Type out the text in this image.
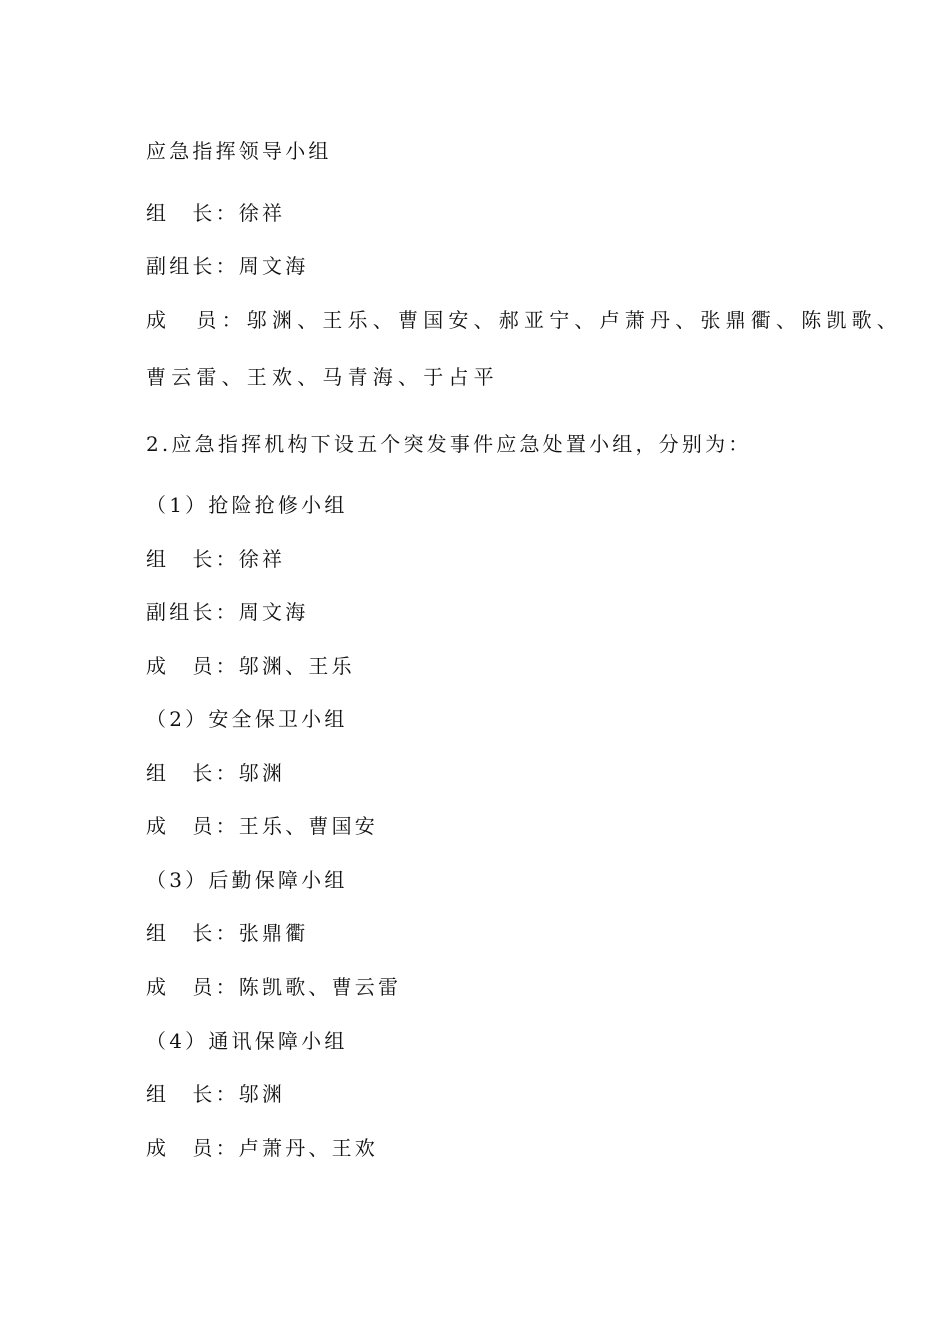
应急指挥领导小组
组　长：徐祥
副组长：周文海
成　员：邬渊、王乐、曹国安、郝亚宁、卢萧丹、张鼎衢、陈凯歌、
曹云雷、王欢、马青海、于占平
2.应急指挥机构下设五个突发事件应急处置小组，分别为：
（1）抢险抢修小组
组　长：徐祥
副组长：周文海
成　员：邬渊、王乐
（2）安全保卫小组
组　长：邬渊
成　员：王乐、曹国安
（3）后勤保障小组
组　长：张鼎衢
成　员：陈凯歌、曹云雷
（4）通讯保障小组
组　长：邬渊
成　员：卢萧丹、王欢
